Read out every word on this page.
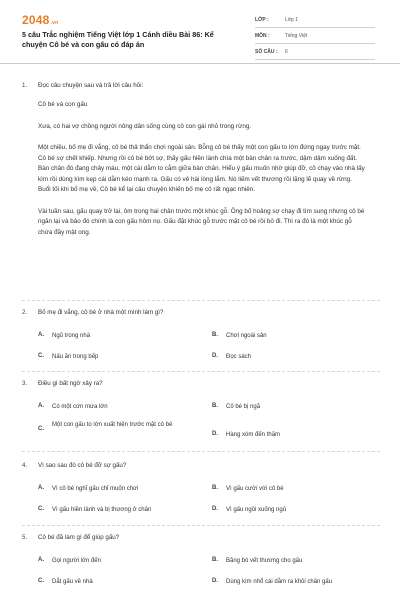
2048.vn
5 câu Trắc nghiệm Tiếng Việt lớp 1 Cánh diều Bài 86: Kể chuyện Cô bé và con gấu có đáp án
LỚP :	Lớp 1
MÔN :	Tiếng Việt
SỐ CÂU : 6
1. Đọc câu chuyện sau và trả lời câu hỏi:

Cô bé và con gấu

Xưa, có hai vợ chồng người nông dân sống cùng cô con gái nhỏ trong rừng.

Một chiều, bố mẹ đi vắng, cô bé thả thẩn chơi ngoài sân. Bỗng cô bé thấy một con gấu to lớn đứng ngay trước mặt. Cô bé sợ chết khiếp. Nhưng rồi cô bé bớt sợ, thấy gấu hiền lành chìa một bàn chân ra trước, dậm dậm xuống đất. Bàn chân đó đang chảy máu, một cái dằm to cắm giữa bàn chân. Hiểu ý gấu muốn nhờ giúp đỡ, cô chạy vào nhà lấy kìm rồi dùng kìm kẹp cái dằm kéo mạnh ra. Gấu có vẻ hài lòng lắm. Nó liếm vết thương rồi lặng lẽ quay về rừng. Buổi tối khi bố mẹ về, Cô bé kể lại câu chuyện khiến bố mẹ cô rất ngạc nhiên.

Vài tuần sau, gấu quay trở lại, ôm trong hai chân trước một khúc gỗ. Ông bố hoảng sợ chạy đi tìm sung nhưng cô bé ngăn lại và bảo đó chính là con gấu hôm nọ. Gấu đặt khúc gỗ trước mặt cô bé rồi bỏ đi. Thì ra đó là một khúc gỗ chứa đầy mật ong.

2. Bố mẹ đi vắng, cô bé ở nhà một mình làm gì?
A. Ngủ trong nhà	B. Chơi ngoài sân
C. Nấu ăn trong bếp	D. Đọc sách
3. Điều gì bất ngờ xảy ra?
A. Có một cơn mưa lớn	B. Cô bé bị ngã
C.
Một con gấu to lớn xuất hiện trước mặt cô bé
D. Hàng xóm đến thăm
4. Vì sao sau đó cô bé đỡ sợ gấu?
A. Vì cô bé nghĩ gấu chỉ muốn chơi	B. Vì gấu cười với cô bé
C. Vì gấu hiền lành và bị thương ở chân	D. Vì gấu ngồi xuống ngủ
5. Cô bé đã làm gì để giúp gấu?
A. Gọi người lớn đến	B. Băng bó vết thương cho gấu
C. Dắt gấu về nhà	D. Dùng kìm nhổ cái dằm ra khỏi chân gấu
